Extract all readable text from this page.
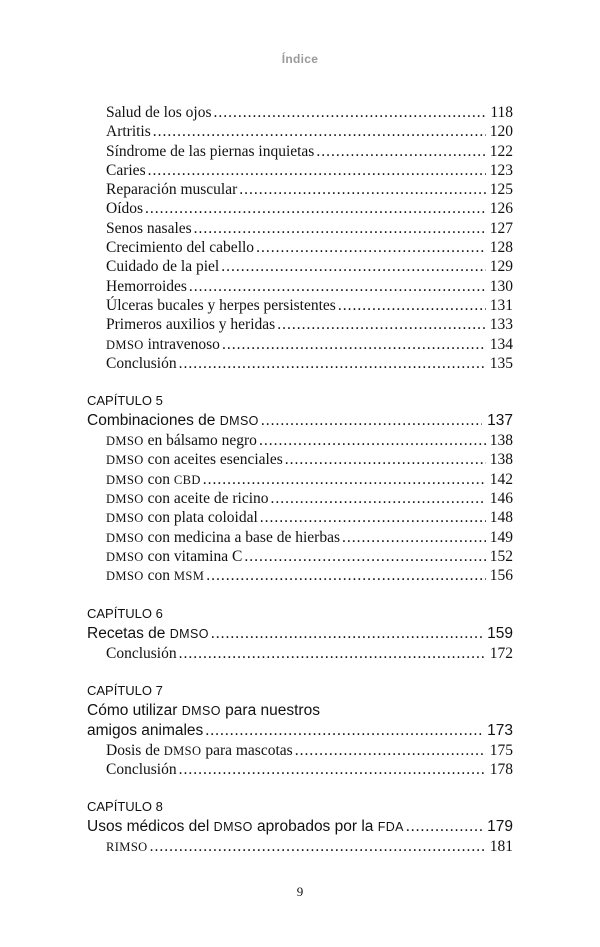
Índice
Salud de los ojos .....	118
Artritis .....	120
Síndrome de las piernas inquietas .....	122
Caries .....	123
Reparación muscular .....	125
Oídos .....	126
Senos nasales .....	127
Crecimiento del cabello .....	128
Cuidado de la piel .....	129
Hemorroides .....	130
Úlceras bucales y herpes persistentes .....	131
Primeros auxilios y heridas .....	133
DMSO intravenoso .....	134
Conclusión .....	135
CAPÍTULO 5
Combinaciones de DMSO .....	137
DMSO en bálsamo negro .....	138
DMSO con aceites esenciales .....	138
DMSO con CBD .....	142
DMSO con aceite de ricino .....	146
DMSO con plata coloidal .....	148
DMSO con medicina a base de hierbas .....	149
DMSO con vitamina C .....	152
DMSO con MSM .....	156
CAPÍTULO 6
Recetas de DMSO .....	159
Conclusión .....	172
CAPÍTULO 7
Cómo utilizar DMSO para nuestros
amigos animales .....	173
Dosis de DMSO para mascotas .....	175
Conclusión .....	178
CAPÍTULO 8
Usos médicos del DMSO aprobados por la FDA .....	179
RIMSO .....	181
9
